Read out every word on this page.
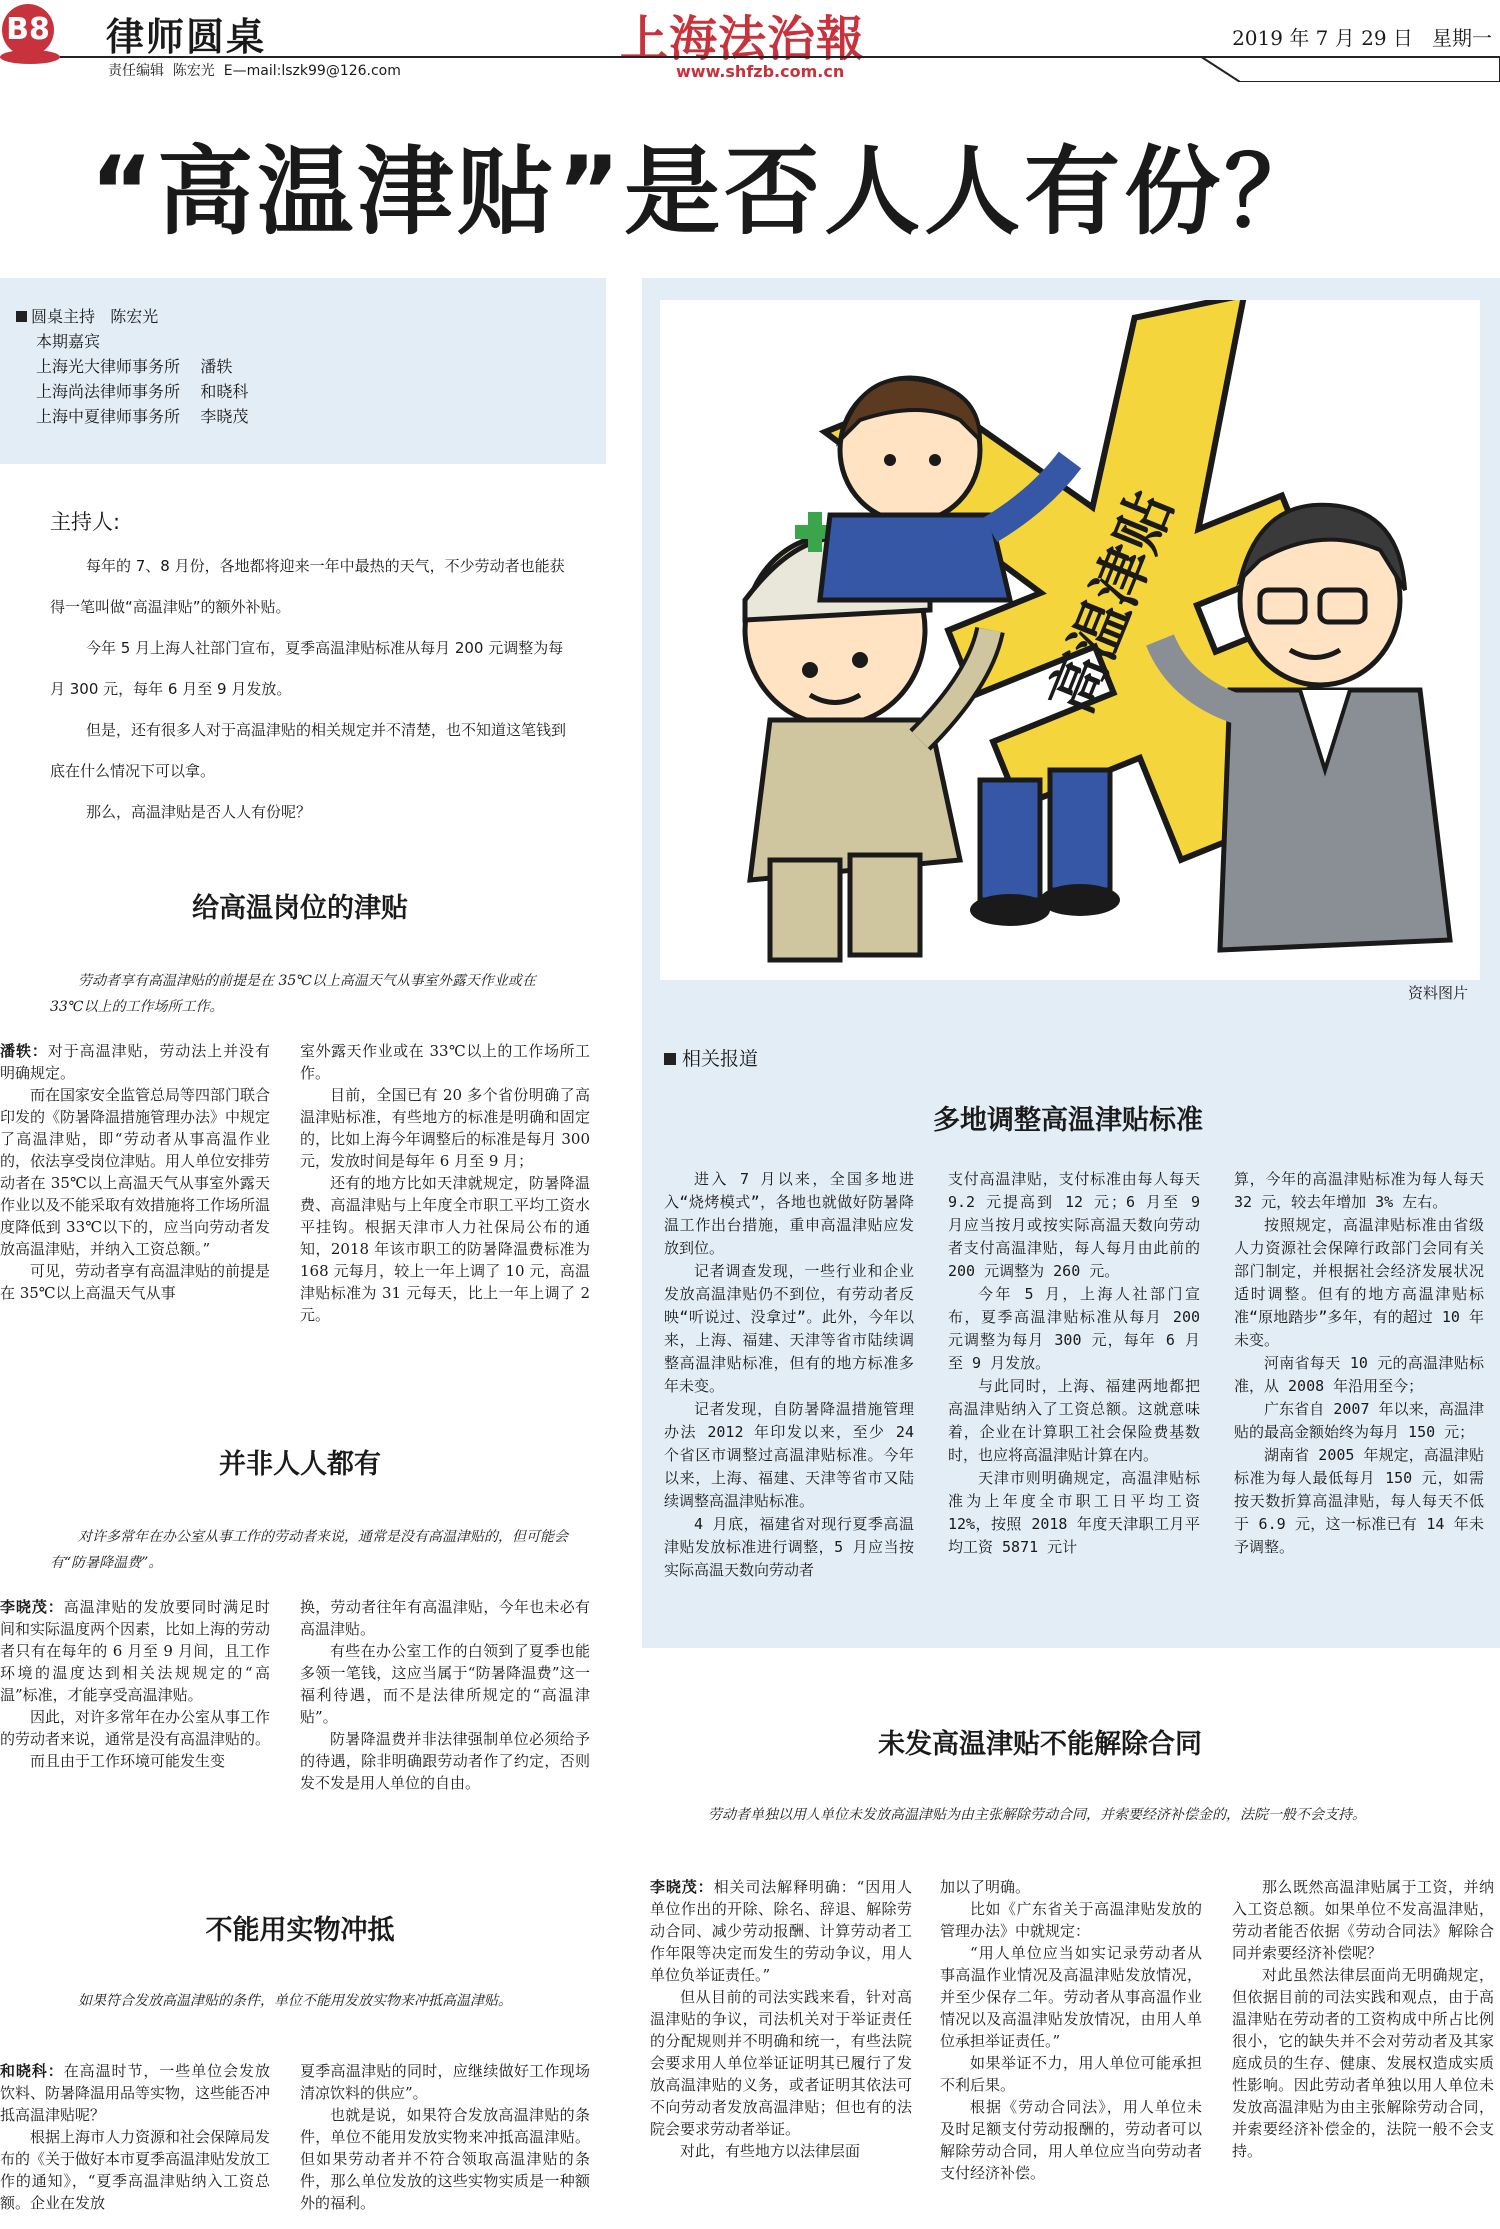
B8 律师圆桌
责任编辑  陈宏光  E—mail:lszk99@126.com
上海法治報
www.shfzb.com.cn
2019 年 7 月 29 日   星期一
“高温津贴”是否人人有份？
圆桌主持   陈宏光
本期嘉宾
上海光大律师事务所    潘轶
上海尚法律师事务所    和晓科
上海中夏律师事务所    李晓茂
主持人:

每年的 7、8 月份，各地都将迎来一年中最热的天气，不少劳动者也能获得一笔叫做“高温津贴”的额外补贴。

今年 5 月上海人社部门宣布，夏季高温津贴标准从每月 200 元调整为每月 300 元，每年 6 月至 9 月发放。

但是，还有很多人对于高温津贴的相关规定并不清楚，也不知道这笔钱到底在什么情况下可以拿。

那么，高温津贴是否人人有份呢？

给高温岗位的津贴
劳动者享有高温津贴的前提是在 35℃以上高温天气从事室外露天作业或在 33℃以上的工作场所工作。

潘轶：对于高温津贴，劳动法上并没有明确规定。

而在国家安全监管总局等四部门联合印发的《防暑降温措施管理办法》中规定了高温津贴，即“劳动者从事高温作业的，依法享受岗位津贴。用人单位安排劳动者在 35℃以上高温天气从事室外露天作业以及不能采取有效措施将工作场所温度降低到 33℃以下的，应当向劳动者发放高温津贴，并纳入工资总额。”

可见，劳动者享有高温津贴的前提是在 35℃以上高温天气从事

室外露天作业或在 33℃以上的工作场所工作。

目前，全国已有 20 多个省份明确了高温津贴标准，有些地方的标准是明确和固定的，比如上海今年调整后的标准是每月 300 元，发放时间是每年 6 月至 9 月；

还有的地方比如天津就规定，防暑降温费、高温津贴与上年度全市职工平均工资水平挂钩。根据天津市人力社保局公布的通知，2018 年该市职工的防暑降温费标准为 168 元每月，较上一年上调了 10 元，高温津贴标准为 31 元每天，比上一年上调了 2 元。

并非人人都有
对许多常年在办公室从事工作的劳动者来说，通常是没有高温津贴的，但可能会有“防暑降温费”。

李晓茂：高温津贴的发放要同时满足时间和实际温度两个因素，比如上海的劳动者只有在每年的 6 月至 9 月间，且工作环境的温度达到相关法规规定的“高温”标准，才能享受高温津贴。

因此，对许多常年在办公室从事工作的劳动者来说，通常是没有高温津贴的。

而且由于工作环境可能发生变

换，劳动者往年有高温津贴，今年也未必有高温津贴。

有些在办公室工作的白领到了夏季也能多领一笔钱，这应当属于“防暑降温费”这一福利待遇，而不是法律所规定的“高温津贴”。

防暑降温费并非法律强制单位必须给予的待遇，除非明确跟劳动者作了约定，否则发不发是用人单位的自由。

不能用实物冲抵
如果符合发放高温津贴的条件，单位不能用发放实物来冲抵高温津贴。

和晓科：在高温时节，一些单位会发放饮料、防暑降温用品等实物，这些能否冲抵高温津贴呢？

根据上海市人力资源和社会保障局发布的《关于做好本市夏季高温津贴发放工作的通知》，“夏季高温津贴纳入工资总额。企业在发放

夏季高温津贴的同时，应继续做好工作现场清凉饮料的供应”。

也就是说，如果符合发放高温津贴的条件，单位不能用发放实物来冲抵高温津贴。但如果劳动者并不符合领取高温津贴的条件，那么单位发放的这些实物实质是一种额外的福利。

高温津贴
资料图片
相关报道
多地调整高温津贴标准

进入 7 月以来，全国多地进入“烧烤模式”，各地也就做好防暑降温工作出台措施，重申高温津贴应发放到位。

记者调查发现，一些行业和企业发放高温津贴仍不到位，有劳动者反映“听说过、没拿过”。此外，今年以来，上海、福建、天津等省市陆续调整高温津贴标准，但有的地方标准多年未变。

记者发现，自防暑降温措施管理办法 2012 年印发以来，至少 24 个省区市调整过高温津贴标准。今年以来，上海、福建、天津等省市又陆续调整高温津贴标准。

4 月底，福建省对现行夏季高温津贴发放标准进行调整，5 月应当按实际高温天数向劳动者

支付高温津贴，支付标准由每人每天 9.2 元提高到 12 元；6 月至 9 月应当按月或按实际高温天数向劳动者支付高温津贴，每人每月由此前的 200 元调整为 260 元。

今年 5 月，上海人社部门宣布，夏季高温津贴标准从每月 200 元调整为每月 300 元，每年 6 月至 9 月发放。

与此同时，上海、福建两地都把高温津贴纳入了工资总额。这就意味着，企业在计算职工社会保险费基数时，也应将高温津贴计算在内。

天津市则明确规定，高温津贴标准为上年度全市职工日平均工资 12%，按照 2018 年度天津职工月平均工资 5871 元计

算，今年的高温津贴标准为每人每天 32 元，较去年增加 3% 左右。

按照规定，高温津贴标准由省级人力资源社会保障行政部门会同有关部门制定，并根据社会经济发展状况适时调整。但有的地方高温津贴标准“原地踏步”多年，有的超过 10 年未变。

河南省每天 10 元的高温津贴标准，从 2008 年沿用至今；

广东省自 2007 年以来，高温津贴的最高金额始终为每月 150 元；

湖南省 2005 年规定，高温津贴标准为每人最低每月 150 元，如需按天数折算高温津贴，每人每天不低于 6.9 元，这一标准已有 14 年未予调整。

未发高温津贴不能解除合同
劳动者单独以用人单位未发放高温津贴为由主张解除劳动合同，并索要经济补偿金的，法院一般不会支持。

李晓茂：相关司法解释明确：“因用人单位作出的开除、除名、辞退、解除劳动合同、减少劳动报酬、计算劳动者工作年限等决定而发生的劳动争议，用人单位负举证责任。”

但从目前的司法实践来看，针对高温津贴的争议，司法机关对于举证责任的分配规则并不明确和统一，有些法院会要求用人单位举证证明其已履行了发放高温津贴的义务，或者证明其依法可不向劳动者发放高温津贴；但也有的法院会要求劳动者举证。

对此，有些地方以法律层面

加以了明确。

比如《广东省关于高温津贴发放的管理办法》中就规定：

“用人单位应当如实记录劳动者从事高温作业情况及高温津贴发放情况，并至少保存二年。劳动者从事高温作业情况以及高温津贴发放情况，由用人单位承担举证责任。”

如果举证不力，用人单位可能承担不利后果。

根据《劳动合同法》，用人单位未及时足额支付劳动报酬的，劳动者可以解除劳动合同，用人单位应当向劳动者支付经济补偿。

那么既然高温津贴属于工资，并纳入工资总额。如果单位不发高温津贴，劳动者能否依据《劳动合同法》解除合同并索要经济补偿呢？

对此虽然法律层面尚无明确规定，但依据目前的司法实践和观点，由于高温津贴在劳动者的工资构成中所占比例很小，它的缺失并不会对劳动者及其家庭成员的生存、健康、发展权造成实质性影响。因此劳动者单独以用人单位未发放高温津贴为由主张解除劳动合同，并索要经济补偿金的，法院一般不会支持。
